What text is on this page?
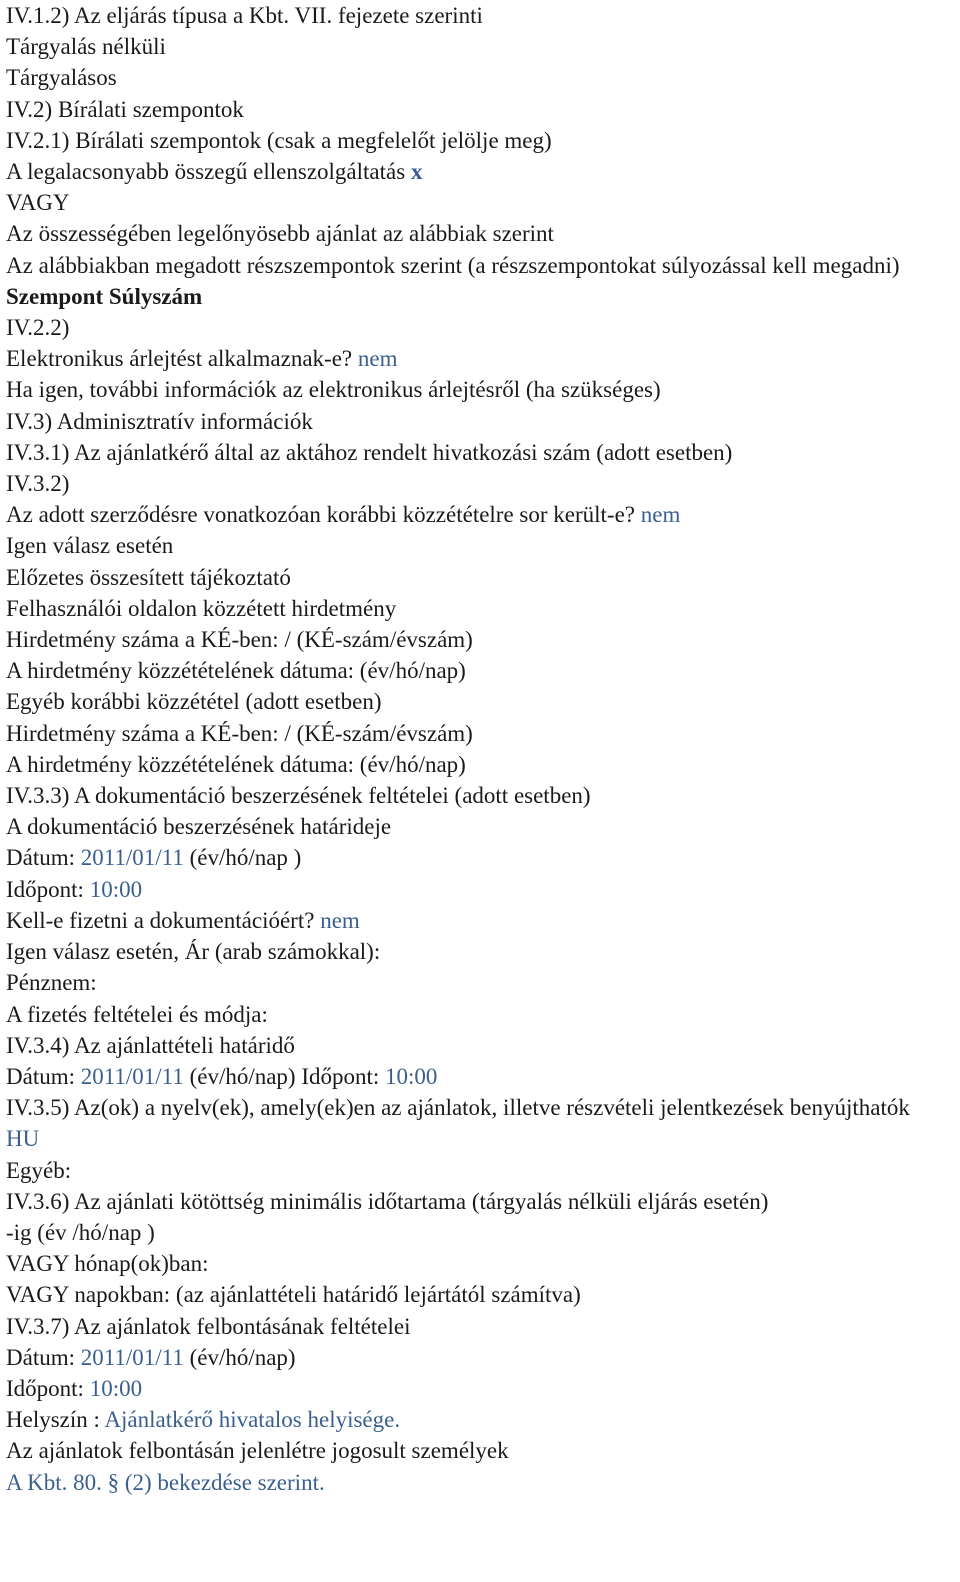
IV.1.2) Az eljárás típusa a Kbt. VII. fejezete szerinti
Tárgyalás nélküli
Tárgyalásos
IV.2) Bírálati szempontok
IV.2.1) Bírálati szempontok (csak a megfelelőt jelölje meg)
A legalacsonyabb összegű ellenszolgáltatás x
VAGY
Az összességében legelőnyösebb ajánlat az alábbiak szerint
Az alábbiakban megadott részszempontok szerint (a részszempontokat súlyozással kell megadni)
Szempont Súlyszám
IV.2.2)
Elektronikus árlejtést alkalmaznak-e? nem
Ha igen, további információk az elektronikus árlejtésről (ha szükséges)
IV.3) Adminisztratív információk
IV.3.1) Az ajánlatkérő által az aktához rendelt hivatkozási szám (adott esetben)
IV.3.2)
Az adott szerződésre vonatkozóan korábbi közzétételre sor került-e? nem
Igen válasz esetén
Előzetes összesített tájékoztató
Felhasználói oldalon közzétett hirdetmény
Hirdetmény száma a KÉ-ben: / (KÉ-szám/évszám)
A hirdetmény közzétételének dátuma: (év/hó/nap)
Egyéb korábbi közzététel (adott esetben)
Hirdetmény száma a KÉ-ben: / (KÉ-szám/évszám)
A hirdetmény közzétételének dátuma: (év/hó/nap)
IV.3.3) A dokumentáció beszerzésének feltételei (adott esetben)
A dokumentáció beszerzésének határideje
Dátum: 2011/01/11 (év/hó/nap )
Időpont: 10:00
Kell-e fizetni a dokumentációért? nem
Igen válasz esetén, Ár (arab számokkal):
Pénznem:
A fizetés feltételei és módja:
IV.3.4) Az ajánlattételi határidő
Dátum: 2011/01/11 (év/hó/nap) Időpont: 10:00
IV.3.5) Az(ok) a nyelv(ek), amely(ek)en az ajánlatok, illetve részvételi jelentkezések benyújthatók
HU
Egyéb:
IV.3.6) Az ajánlati kötöttség minimális időtartama (tárgyalás nélküli eljárás esetén)
-ig (év /hó/nap )
VAGY hónap(ok)ban:
VAGY napokban: (az ajánlattételi határidő lejártától számítva)
IV.3.7) Az ajánlatok felbontásának feltételei
Dátum: 2011/01/11 (év/hó/nap)
Időpont: 10:00
Helyszín : Ajánlatkérő hivatalos helyisége.
Az ajánlatok felbontásán jelenlétre jogosult személyek
A Kbt. 80. § (2) bekezdése szerint.
